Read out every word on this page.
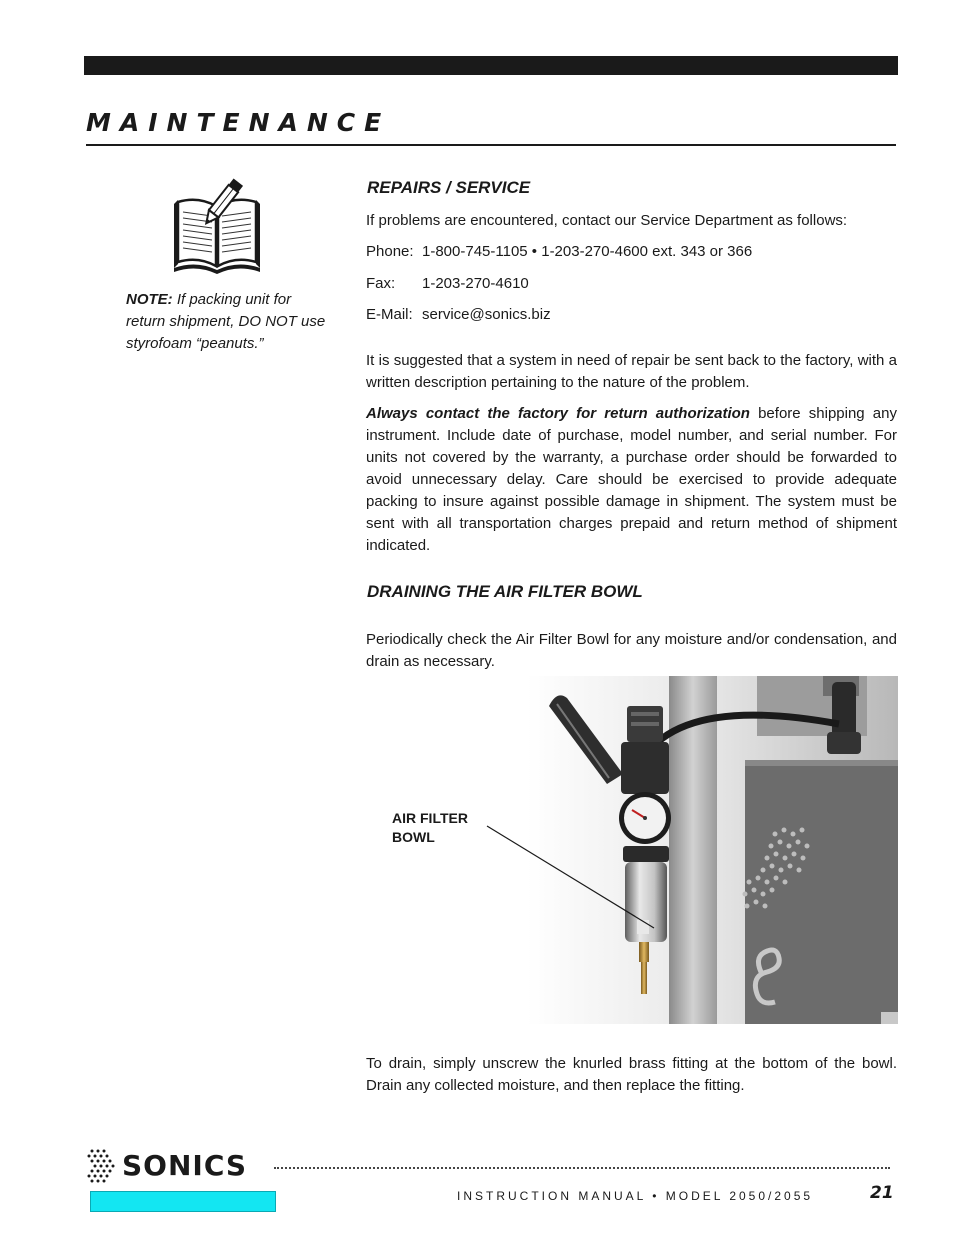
MAINTENANCE

NOTE: If packing unit for return shipment, DO NOT use styrofoam “peanuts.”

REPAIRS / SERVICE

If problems are encountered, contact our Service Department as follows:

Phone: 1-800-745-1105 • 1-203-270-4600 ext. 343 or 366
Fax: 1-203-270-4610
E-Mail: service@sonics.biz

It is suggested that a system in need of repair be sent back to the factory, with a written description pertaining to the nature of the problem.

Always contact the factory for return authorization before shipping any instrument. Include date of purchase, model number, and serial number. For units not covered by the warranty, a purchase order should be forwarded to avoid unnecessary delay. Care should be exercised to provide adequate packing to insure against possible damage in shipment. The system must be sent with all transportation charges prepaid and return method of shipment indicated.

DRAINING THE AIR FILTER BOWL

Periodically check the Air Filter Bowl for any moisture and/or condensation, and drain as necessary.

AIR FILTER
BOWL

To drain, simply unscrew the knurled brass fitting at the bottom of the bowl. Drain any collected moisture, and then replace the fitting.

SONICS
INSTRUCTION MANUAL • MODEL 2050/2055	21
